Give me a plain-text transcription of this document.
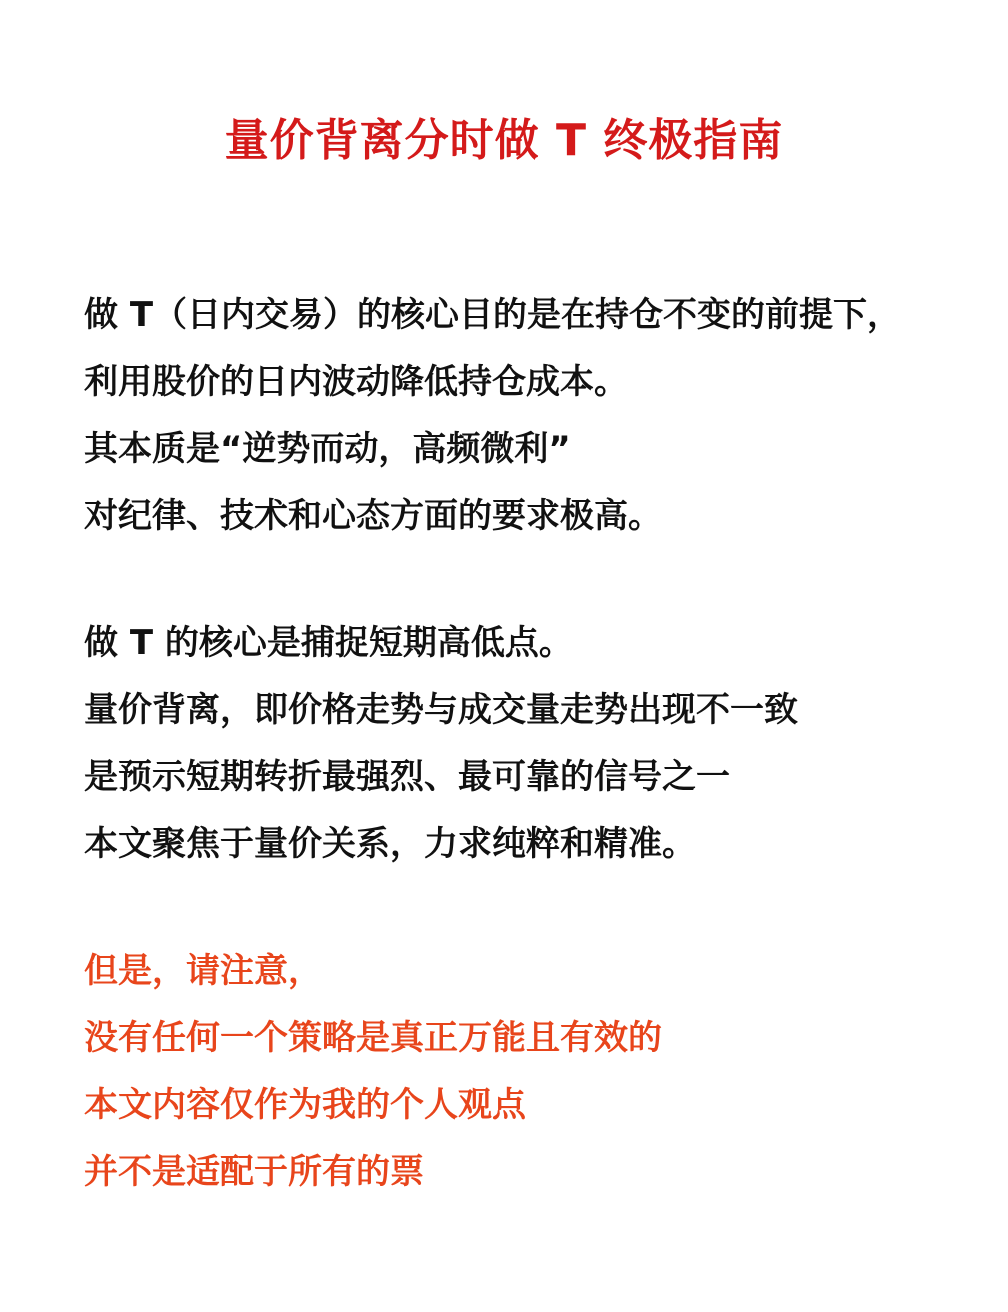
量价背离分时做 T 终极指南
做 T（日内交易）的核心目的是在持仓不变的前提下，
利用股价的日内波动降低持仓成本。
其本质是“逆势而动，高频微利”
对纪律、技术和心态方面的要求极高。
做 T 的核心是捕捉短期高低点。
量价背离，即价格走势与成交量走势出现不一致
是预示短期转折最强烈、最可靠的信号之一
本文聚焦于量价关系，力求纯粹和精准。
但是，请注意，
没有任何一个策略是真正万能且有效的
本文内容仅作为我的个人观点
并不是适配于所有的票
